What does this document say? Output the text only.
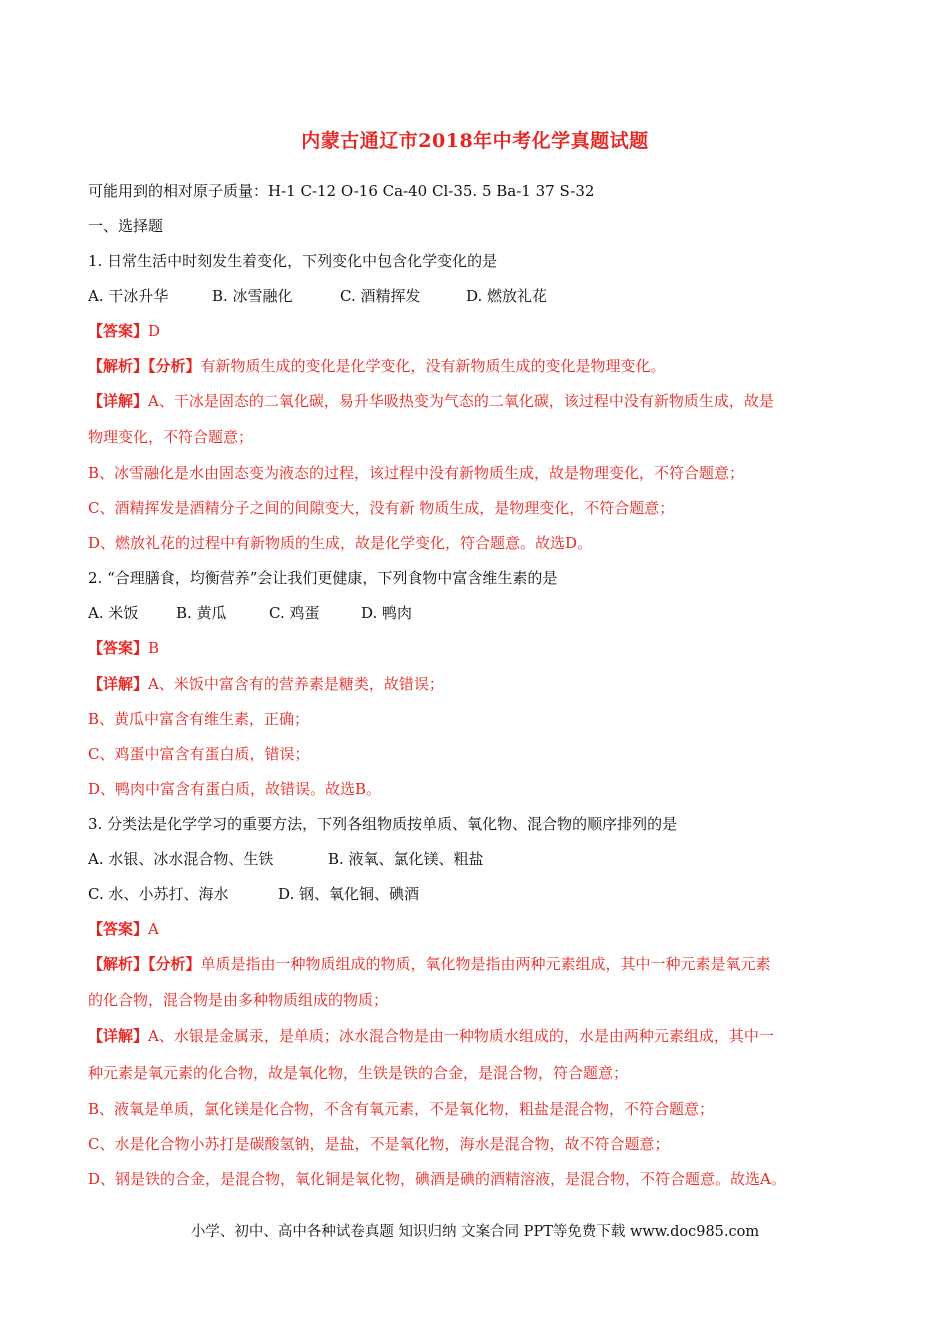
内蒙古通辽市2018年中考化学真题试题
可能用到的相对原子质量：H-1 C-12 O-16 Ca-40 Cl-35. 5 Ba-1 37 S-32
一、选择题
1. 日常生活中时刻发生着变化，下列变化中包含化学变化的是
A. 干冰升华	B. 冰雪融化	C. 酒精挥发	D. 燃放礼花
【答案】D
【解析】【分析】有新物质生成的变化是化学变化，没有新物质生成的变化是物理变化。
【详解】A、干冰是固态的二氧化碳，易升华吸热变为气态的二氧化碳，该过程中没有新物质生成，故是
物理变化，不符合题意；
B、冰雪融化是水由固态变为液态的过程，该过程中没有新物质生成，故是物理变化，不符合题意；
C、酒精挥发是酒精分子之间的间隙变大，没有新 物质生成，是物理变化，不符合题意；
D、燃放礼花的过程中有新物质的生成，故是化学变化，符合题意。故选D。
2. “合理膳食，均衡营养”会让我们更健康，下列食物中富含维生素的是
A. 米饭	B. 黄瓜	C. 鸡蛋	D. 鸭肉
【答案】B
【详解】A、米饭中富含有的营养素是糖类，故错误；
B、黄瓜中富含有维生素，正确；
C、鸡蛋中富含有蛋白质，错误；
D、鸭肉中富含有蛋白质，故错误。故选B。
3. 分类法是化学学习的重要方法，下列各组物质按单质、氧化物、混合物的顺序排列的是
A. 水银、冰水混合物、生铁	B. 液氧、氯化镁、粗盐
C. 水、小苏打、海水	D. 钢、氧化铜、碘酒
【答案】A
【解析】【分析】单质是指由一种物质组成的物质，氧化物是指由两种元素组成，其中一种元素是氧元素
的化合物，混合物是由多种物质组成的物质；
【详解】A、水银是金属汞，是单质；冰水混合物是由一种物质水组成的，水是由两种元素组成，其中一
种元素是氧元素的化合物，故是氧化物，生铁是铁的合金，是混合物，符合题意；
B、液氧是单质，氯化镁是化合物，不含有氧元素，不是氧化物，粗盐是混合物，不符合题意；
C、水是化合物小苏打是碳酸氢钠，是盐，不是氧化物，海水是混合物，故不符合题意；
D、钢是铁的合金，是混合物，氧化铜是氧化物，碘酒是碘的酒精溶液，是混合物，不符合题意。故选A。
小学、初中、高中各种试卷真题 知识归纳 文案合同 PPT等免费下载 www.doc985.com
